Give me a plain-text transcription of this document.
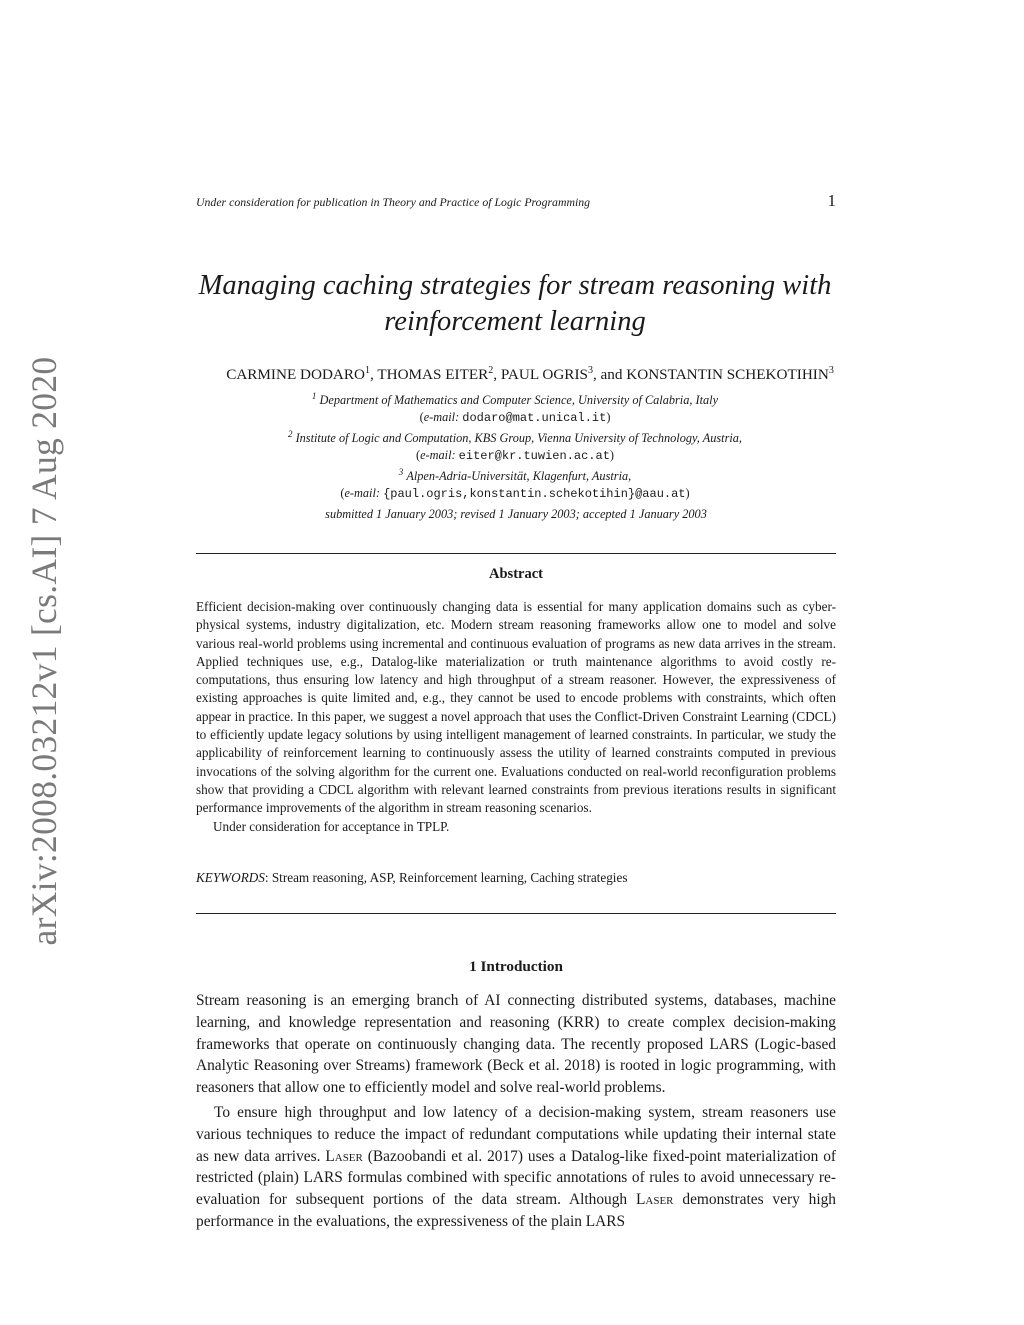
arXiv:2008.03212v1 [cs.AI] 7 Aug 2020
Under consideration for publication in Theory and Practice of Logic Programming	1
Managing caching strategies for stream reasoning with
reinforcement learning
CARMINE DODARO$^1$, THOMAS EITER$^2$, PAUL OGRIS$^3$, and KONSTANTIN SCHEKOTIHIN$^3$
$^1$ Department of Mathematics and Computer Science, University of Calabria, Italy
(e-mail: dodaro@mat.unical.it)
$^2$ Institute of Logic and Computation, KBS Group, Vienna University of Technology, Austria,
(e-mail: eiter@kr.tuwien.ac.at)
$^3$ Alpen-Adria-Universität, Klagenfurt, Austria,
(e-mail: {paul.ogris,konstantin.schekotihin}@aau.at)
submitted 1 January 2003; revised 1 January 2003; accepted 1 January 2003
Abstract
Efficient decision-making over continuously changing data is essential for many application domains such as cyber-physical systems, industry digitalization, etc. Modern stream reasoning frameworks allow one to model and solve various real-world problems using incremental and continuous evaluation of programs as new data arrives in the stream. Applied techniques use, e.g., Datalog-like materialization or truth maintenance algorithms to avoid costly re-computations, thus ensuring low latency and high throughput of a stream reasoner. However, the expressiveness of existing approaches is quite limited and, e.g., they cannot be used to encode problems with constraints, which often appear in practice. In this paper, we suggest a novel approach that uses the Conflict-Driven Constraint Learning (CDCL) to efficiently update legacy solutions by using intelligent management of learned constraints. In particular, we study the applicability of reinforcement learning to continuously assess the utility of learned constraints computed in previous invocations of the solving algorithm for the current one. Evaluations conducted on real-world reconfiguration problems show that providing a CDCL algorithm with relevant learned constraints from previous iterations results in significant performance improvements of the algorithm in stream reasoning scenarios.
Under consideration for acceptance in TPLP.
KEYWORDS: Stream reasoning, ASP, Reinforcement learning, Caching strategies
1 Introduction

Stream reasoning is an emerging branch of AI connecting distributed systems, databases, machine learning, and knowledge representation and reasoning (KRR) to create complex decision-making frameworks that operate on continuously changing data. The recently proposed LARS (Logic-based Analytic Reasoning over Streams) framework (Beck et al. 2018) is rooted in logic programming, with reasoners that allow one to efficiently model and solve real-world problems.

To ensure high throughput and low latency of a decision-making system, stream reasoners use various techniques to reduce the impact of redundant computations while updating their internal state as new data arrives. Laser (Bazoobandi et al. 2017) uses a Datalog-like fixed-point materialization of restricted (plain) LARS formulas combined with specific annotations of rules to avoid unnecessary re-evaluation for subsequent portions of the data stream. Although Laser demonstrates very high performance in the evaluations, the expressiveness of the plain LARS
